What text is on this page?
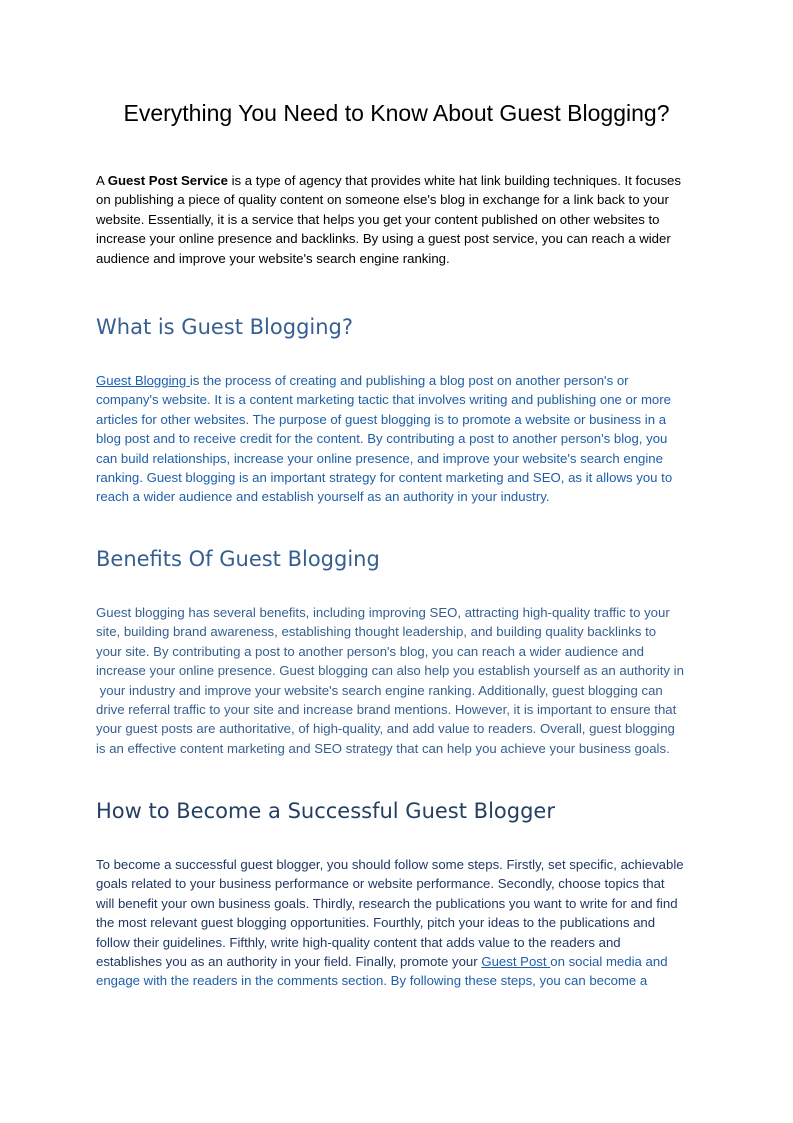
Everything You Need to Know About Guest Blogging?

A Guest Post Service is a type of agency that provides white hat link building techniques. It focuses
on publishing a piece of quality content on someone else's blog in exchange for a link back to your
website. Essentially, it is a service that helps you get your content published on other websites to
increase your online presence and backlinks. By using a guest post service, you can reach a wider
audience and improve your website's search engine ranking.

What is Guest Blogging?

Guest Blogging is the process of creating and publishing a blog post on another person's or
company's website. It is a content marketing tactic that involves writing and publishing one or more
articles for other websites. The purpose of guest blogging is to promote a website or business in a
blog post and to receive credit for the content. By contributing a post to another person's blog, you
can build relationships, increase your online presence, and improve your website's search engine
ranking. Guest blogging is an important strategy for content marketing and SEO, as it allows you to
reach a wider audience and establish yourself as an authority in your industry.

Benefits Of Guest Blogging

Guest blogging has several benefits, including improving SEO, attracting high-quality traffic to your
site, building brand awareness, establishing thought leadership, and building quality backlinks to
your site. By contributing a post to another person's blog, you can reach a wider audience and
increase your online presence. Guest blogging can also help you establish yourself as an authority in
your industry and improve your website's search engine ranking. Additionally, guest blogging can
drive referral traffic to your site and increase brand mentions. However, it is important to ensure that
your guest posts are authoritative, of high-quality, and add value to readers. Overall, guest blogging
is an effective content marketing and SEO strategy that can help you achieve your business goals.

How to Become a Successful Guest Blogger

To become a successful guest blogger, you should follow some steps. Firstly, set specific, achievable
goals related to your business performance or website performance. Secondly, choose topics that
will benefit your own business goals. Thirdly, research the publications you want to write for and find
the most relevant guest blogging opportunities. Fourthly, pitch your ideas to the publications and
follow their guidelines. Fifthly, write high-quality content that adds value to the readers and
establishes you as an authority in your field. Finally, promote your Guest Post on social media and
engage with the readers in the comments section. By following these steps, you can become a
